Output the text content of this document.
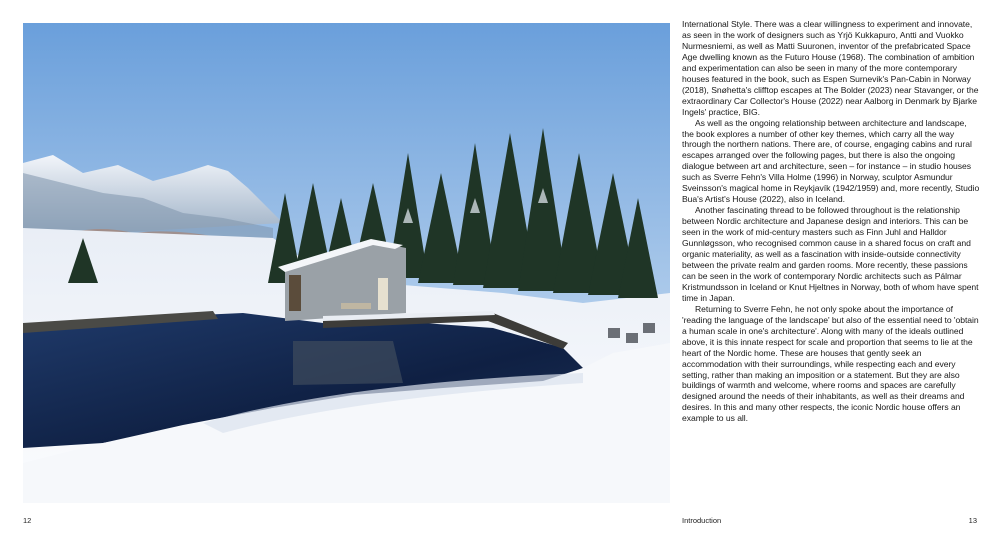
International Style. There was a clear willingness to experiment and innovate, as seen in the work of designers such as Yrjö Kukkapuro, Antti and Vuokko Nurmesniemi, as well as Matti Suuronen, inventor of the prefabricated Space Age dwelling known as the Futuro House (1968). The combination of ambition and experimentation can also be seen in many of the more contemporary houses featured in the book, such as Espen Surnevik's Pan-Cabin in Norway (2018), Snøhetta's clifftop escapes at The Bolder (2023) near Stavanger, or the extraordinary Car Collector's House (2022) near Aalborg in Denmark by Bjarke Ingels' practice, BIG.

As well as the ongoing relationship between architecture and landscape, the book explores a number of other key themes, which carry all the way through the northern nations. There are, of course, engaging cabins and rural escapes arranged over the following pages, but there is also the ongoing dialogue between art and architecture, seen – for instance – in studio houses such as Sverre Fehn's Villa Holme (1996) in Norway, sculptor Asmundur Sveinsson's magical home in Reykjavík (1942/1959) and, more recently, Studio Bua's Artist's House (2022), also in Iceland.

Another fascinating thread to be followed throughout is the relationship between Nordic architecture and Japanese design and interiors. This can be seen in the work of mid-century masters such as Finn Juhl and Halldor Gunnløgsson, who recognised common cause in a shared focus on craft and organic materiality, as well as a fascination with inside-outside connectivity between the private realm and garden rooms. More recently, these passions can be seen in the work of contemporary Nordic architects such as Pálmar Kristmundsson in Iceland or Knut Hjeltnes in Norway, both of whom have spent time in Japan.

Returning to Sverre Fehn, he not only spoke about the importance of 'reading the language of the landscape' but also of the essential need to 'obtain a human scale in one's architecture'. Along with many of the ideals outlined above, it is this innate respect for scale and proportion that seems to lie at the heart of the Nordic home. These are houses that gently seek an accommodation with their surroundings, while respecting each and every setting, rather than making an imposition or a statement. But they are also buildings of warmth and welcome, where rooms and spaces are carefully designed around the needs of their inhabitants, as well as their dreams and desires. In this and many other respects, the iconic Nordic house offers an example to us all.

12	Introduction	13
